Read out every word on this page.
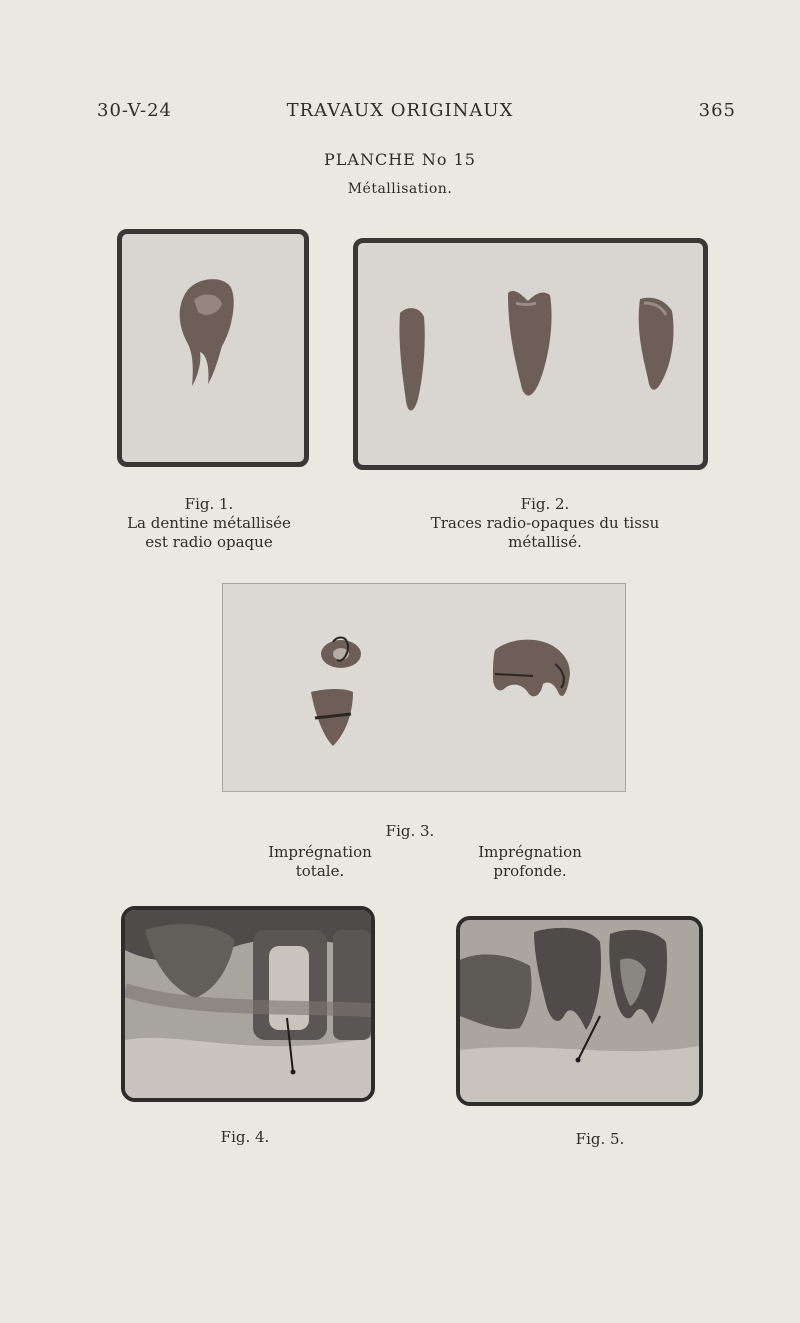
30-V-24	TRAVAUX ORIGINAUX	365
PLANCHE No 15
Métallisation.
Fig. 1.
La dentine métallisée
est radio opaque
Fig. 2.
Traces radio-opaques du tissu
métallisé.
Fig. 3.
Imprégnation
totale.
Imprégnation
profonde.
Fig. 4.	Fig. 5.
